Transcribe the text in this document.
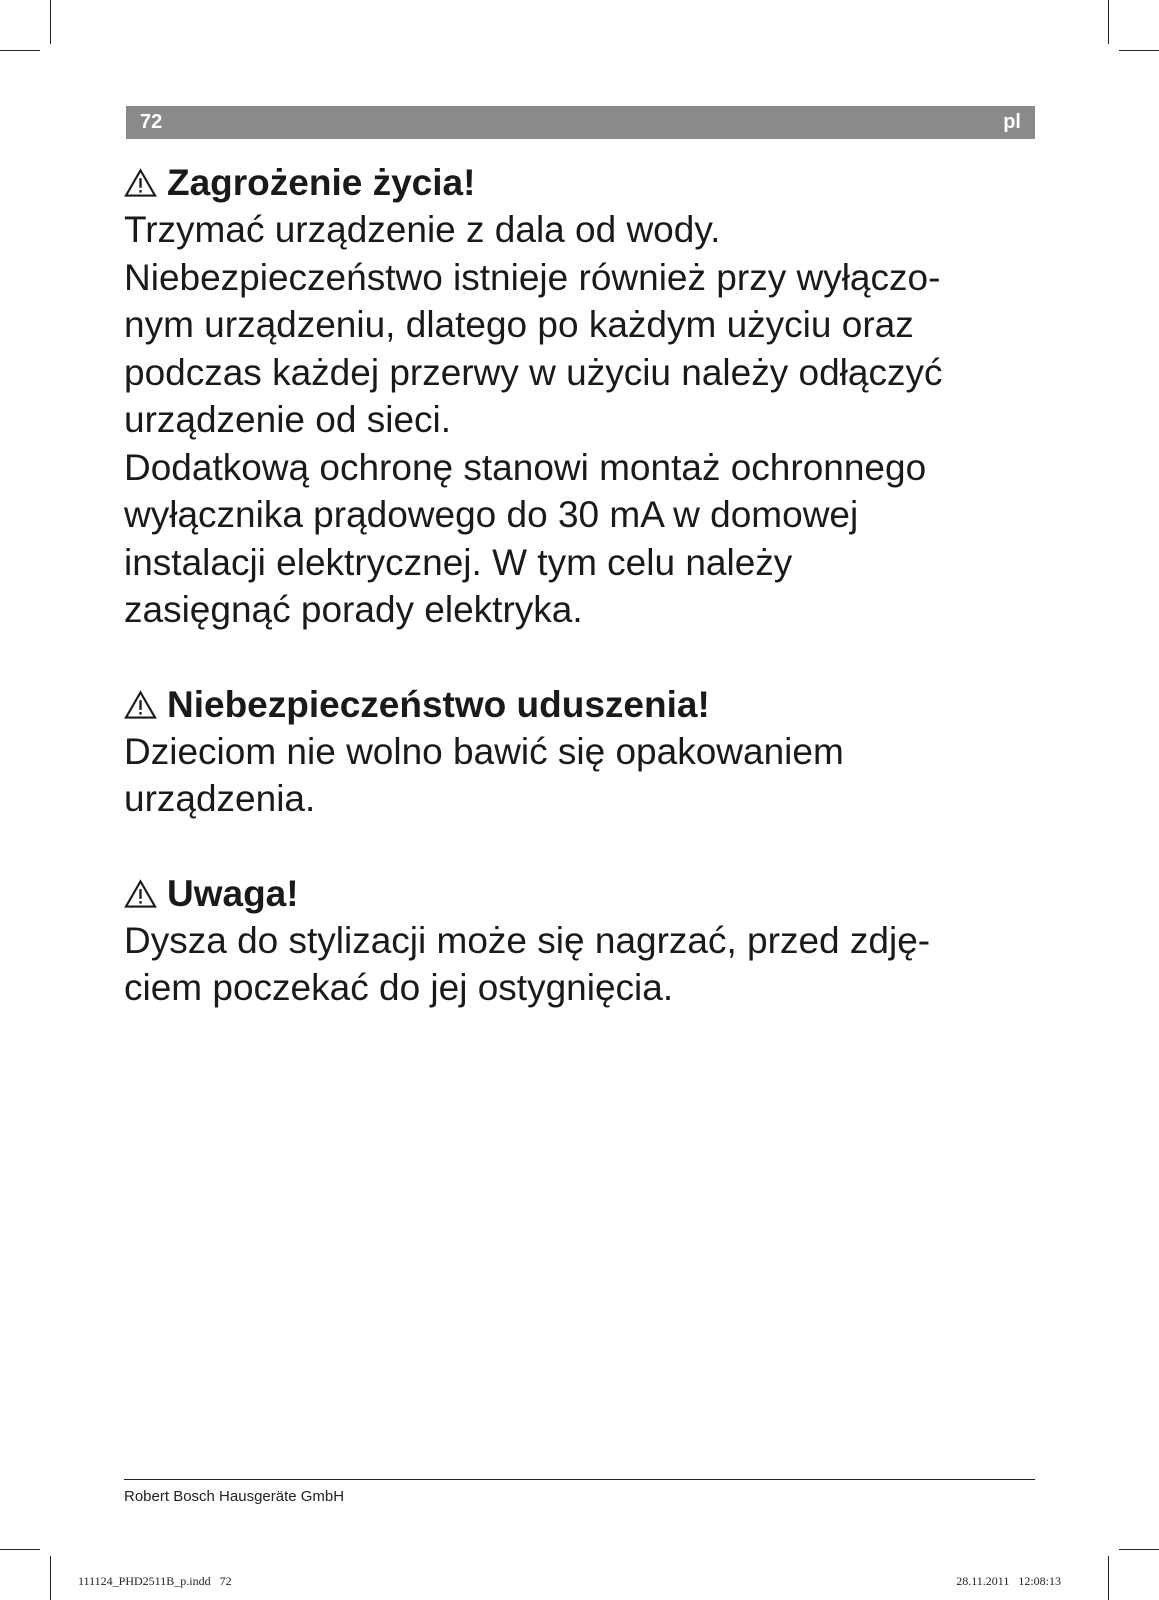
72	pl
Zagrożenie życia!
Trzymać urządzenie z dala od wody.
Niebezpieczeństwo istnieje również przy wyłączo-
nym urządzeniu, dlatego po każdym użyciu oraz
podczas każdej przerwy w użyciu należy odłączyć
urządzenie od sieci.
Dodatkową ochronę stanowi montaż ochronnego
wyłącznika prądowego do 30 mA w domowej
instalacji elektrycznej. W tym celu należy
zasięgnąć porady elektryka.
Niebezpieczeństwo uduszenia!
Dzieciom nie wolno bawić się opakowaniem
urządzenia.
Uwaga!
Dysza do stylizacji może się nagrzać, przed zdję-
ciem poczekać do jej ostygnięcia.
Robert Bosch Hausgeräte GmbH
111124_PHD2511B_p.indd   72	28.11.2011   12:08:13
